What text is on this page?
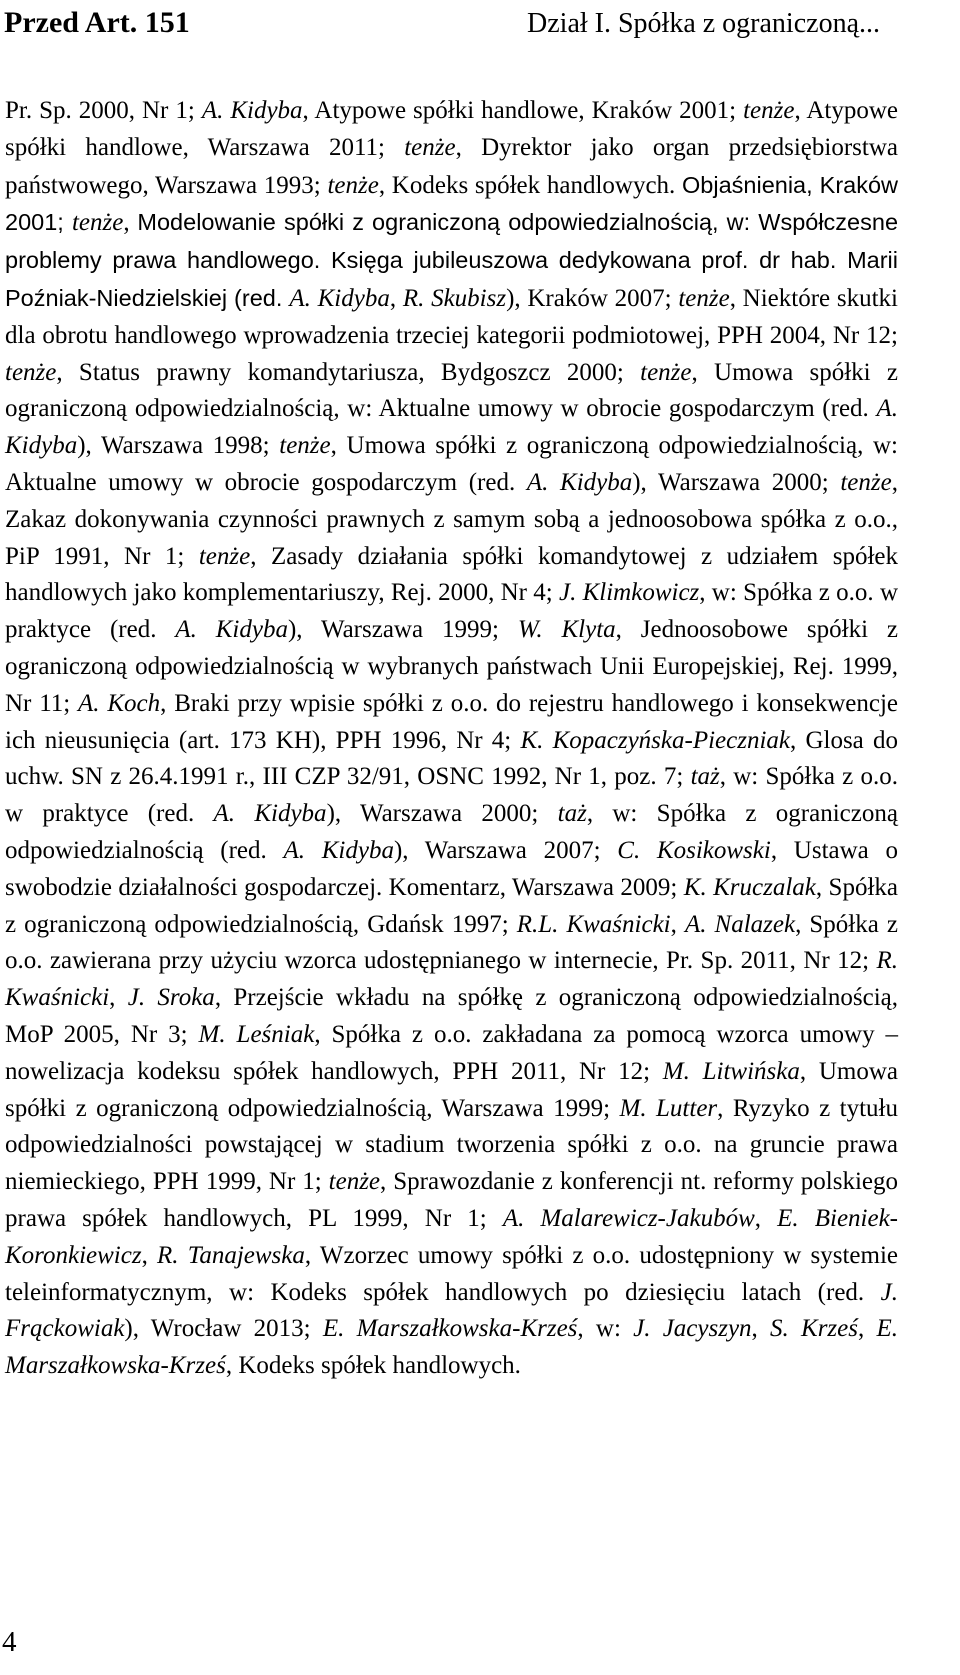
Przed Art. 151	Dział I. Spółka z ograniczoną...

Pr. Sp. 2000, Nr 1; A. Kidyba, Atypowe spółki handlowe, Kraków 2001; tenże, Atypowe spółki handlowe, Warszawa 2011; tenże, Dyrektor jako organ przedsiębiorstwa państwowego, Warszawa 1993; tenże, Kodeks spółek handlowych. Objaśnienia, Kraków 2001; tenże, Modelowanie spółki z ograniczoną odpowiedzialnością, w: Współczesne problemy prawa handlowego. Księga jubileuszowa dedykowana prof. dr hab. Marii Poźniak-Niedzielskiej (red. A. Kidyba, R. Skubisz), Kraków 2007; tenże, Niektóre skutki dla obrotu handlowego wprowadzenia trzeciej kategorii podmiotowej, PPH 2004, Nr 12; tenże, Status prawny komandytariusza, Bydgoszcz 2000; tenże, Umowa spółki z ograniczoną odpowiedzialnością, w: Aktualne umowy w obrocie gospodarczym (red. A. Kidyba), Warszawa 1998; tenże, Umowa spółki z ograniczoną odpowiedzialnością, w: Aktualne umowy w obrocie gospodarczym (red. A. Kidyba), Warszawa 2000; tenże, Zakaz dokonywania czynności prawnych z samym sobą a jednoosobowa spółka z o.o., PiP 1991, Nr 1; tenże, Zasady działania spółki komandytowej z udziałem spółek handlowych jako komplementariuszy, Rej. 2000, Nr 4; J. Klimkowicz, w: Spółka z o.o. w praktyce (red. A. Kidyba), Warszawa 1999; W. Klyta, Jednoosobowe spółki z ograniczoną odpowiedzialnością w wybranych państwach Unii Europejskiej, Rej. 1999, Nr 11; A. Koch, Braki przy wpisie spółki z o.o. do rejestru handlowego i konsekwencje ich nieusunięcia (art. 173 KH), PPH 1996, Nr 4; K. Kopaczyńska-Pieczniak, Glosa do uchw. SN z 26.4.1991 r., III CZP 32/91, OSNC 1992, Nr 1, poz. 7; taż, w: Spółka z o.o. w praktyce (red. A. Kidyba), Warszawa 2000; taż, w: Spółka z ograniczoną odpowiedzialnością (red. A. Kidyba), Warszawa 2007; C. Kosikowski, Ustawa o swobodzie działalności gospodarczej. Komentarz, Warszawa 2009; K. Kruczalak, Spółka z ograniczoną odpowiedzialnością, Gdańsk 1997; R.L. Kwaśnicki, A. Nalazek, Spółka z o.o. zawierana przy użyciu wzorca udostępnianego w internecie, Pr. Sp. 2011, Nr 12; R. Kwaśnicki, J. Sroka, Przejście wkładu na spółkę z ograniczoną odpowiedzialnością, MoP 2005, Nr 3; M. Leśniak, Spółka z o.o. zakładana za pomocą wzorca umowy – nowelizacja kodeksu spółek handlowych, PPH 2011, Nr 12; M. Litwińska, Umowa spółki z ograniczoną odpowiedzialnością, Warszawa 1999; M. Lutter, Ryzyko z tytułu odpowiedzialności powstającej w stadium tworzenia spółki z o.o. na gruncie prawa niemieckiego, PPH 1999, Nr 1; tenże, Sprawozdanie z konferencji nt. reformy polskiego prawa spółek handlowych, PL 1999, Nr 1; A. Malarewicz-Jakubów, E. Bieniek-Koronkiewicz, R. Tanajewska, Wzorzec umowy spółki z o.o. udostępniony w systemie teleinformatycznym, w: Kodeks spółek handlowych po dziesięciu latach (red. J. Frąckowiak), Wrocław 2013; E. Marszałkowska-Krześ, w: J. Jacyszyn, S. Krześ, E. Marszałkowska-Krześ, Kodeks spółek handlowych.

4
